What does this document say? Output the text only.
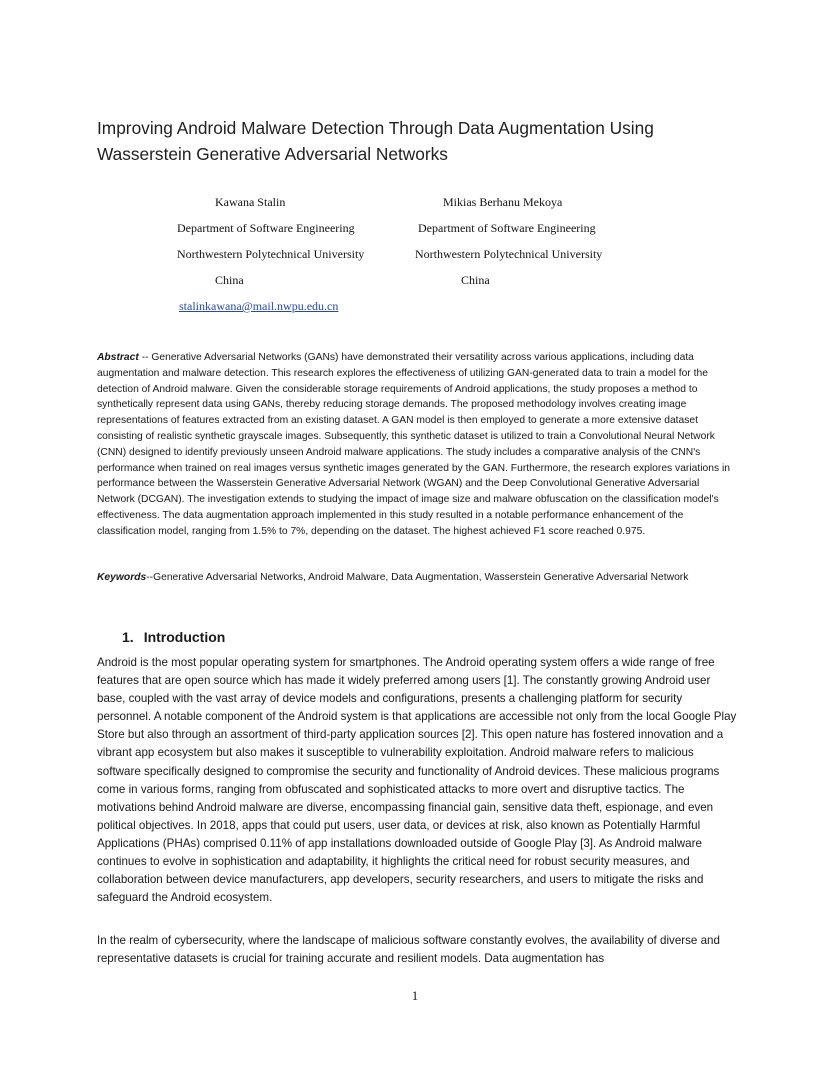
Improving Android Malware Detection Through Data Augmentation Using
Wasserstein Generative Adversarial Networks
Kawana Stalin
Department of Software Engineering
Northwestern Polytechnical University
China
stalinkawana@mail.nwpu.edu.cn
Mikias Berhanu Mekoya
Department of Software Engineering
Northwestern Polytechnical University
China

Abstract -- Generative Adversarial Networks (GANs) have demonstrated their versatility across various applications, including data augmentation and malware detection. This research explores the effectiveness of utilizing GAN-generated data to train a model for the detection of Android malware. Given the considerable storage requirements of Android applications, the study proposes a method to synthetically represent data using GANs, thereby reducing storage demands. The proposed methodology involves creating image representations of features extracted from an existing dataset. A GAN model is then employed to generate a more extensive dataset consisting of realistic synthetic grayscale images. Subsequently, this synthetic dataset is utilized to train a Convolutional Neural Network (CNN) designed to identify previously unseen Android malware applications. The study includes a comparative analysis of the CNN's performance when trained on real images versus synthetic images generated by the GAN. Furthermore, the research explores variations in performance between the Wasserstein Generative Adversarial Network (WGAN) and the Deep Convolutional Generative Adversarial Network (DCGAN). The investigation extends to studying the impact of image size and malware obfuscation on the classification model's effectiveness. The data augmentation approach implemented in this study resulted in a notable performance enhancement of the classification model, ranging from 1.5% to 7%, depending on the dataset. The highest achieved F1 score reached 0.975.

Keywords--Generative Adversarial Networks, Android Malware, Data Augmentation, Wasserstein Generative Adversarial Network

1. Introduction

Android is the most popular operating system for smartphones. The Android operating system offers a wide range of free features that are open source which has made it widely preferred among users [1]. The constantly growing Android user base, coupled with the vast array of device models and configurations, presents a challenging platform for security personnel. A notable component of the Android system is that applications are accessible not only from the local Google Play Store but also through an assortment of third-party application sources [2]. This open nature has fostered innovation and a vibrant app ecosystem but also makes it susceptible to vulnerability exploitation. Android malware refers to malicious software specifically designed to compromise the security and functionality of Android devices. These malicious programs come in various forms, ranging from obfuscated and sophisticated attacks to more overt and disruptive tactics. The motivations behind Android malware are diverse, encompassing financial gain, sensitive data theft, espionage, and even political objectives. In 2018, apps that could put users, user data, or devices at risk, also known as Potentially Harmful Applications (PHAs) comprised 0.11% of app installations downloaded outside of Google Play [3]. As Android malware continues to evolve in sophistication and adaptability, it highlights the critical need for robust security measures, and collaboration between device manufacturers, app developers, security researchers, and users to mitigate the risks and safeguard the Android ecosystem.

In the realm of cybersecurity, where the landscape of malicious software constantly evolves, the availability of diverse and representative datasets is crucial for training accurate and resilient models. Data augmentation has

1
